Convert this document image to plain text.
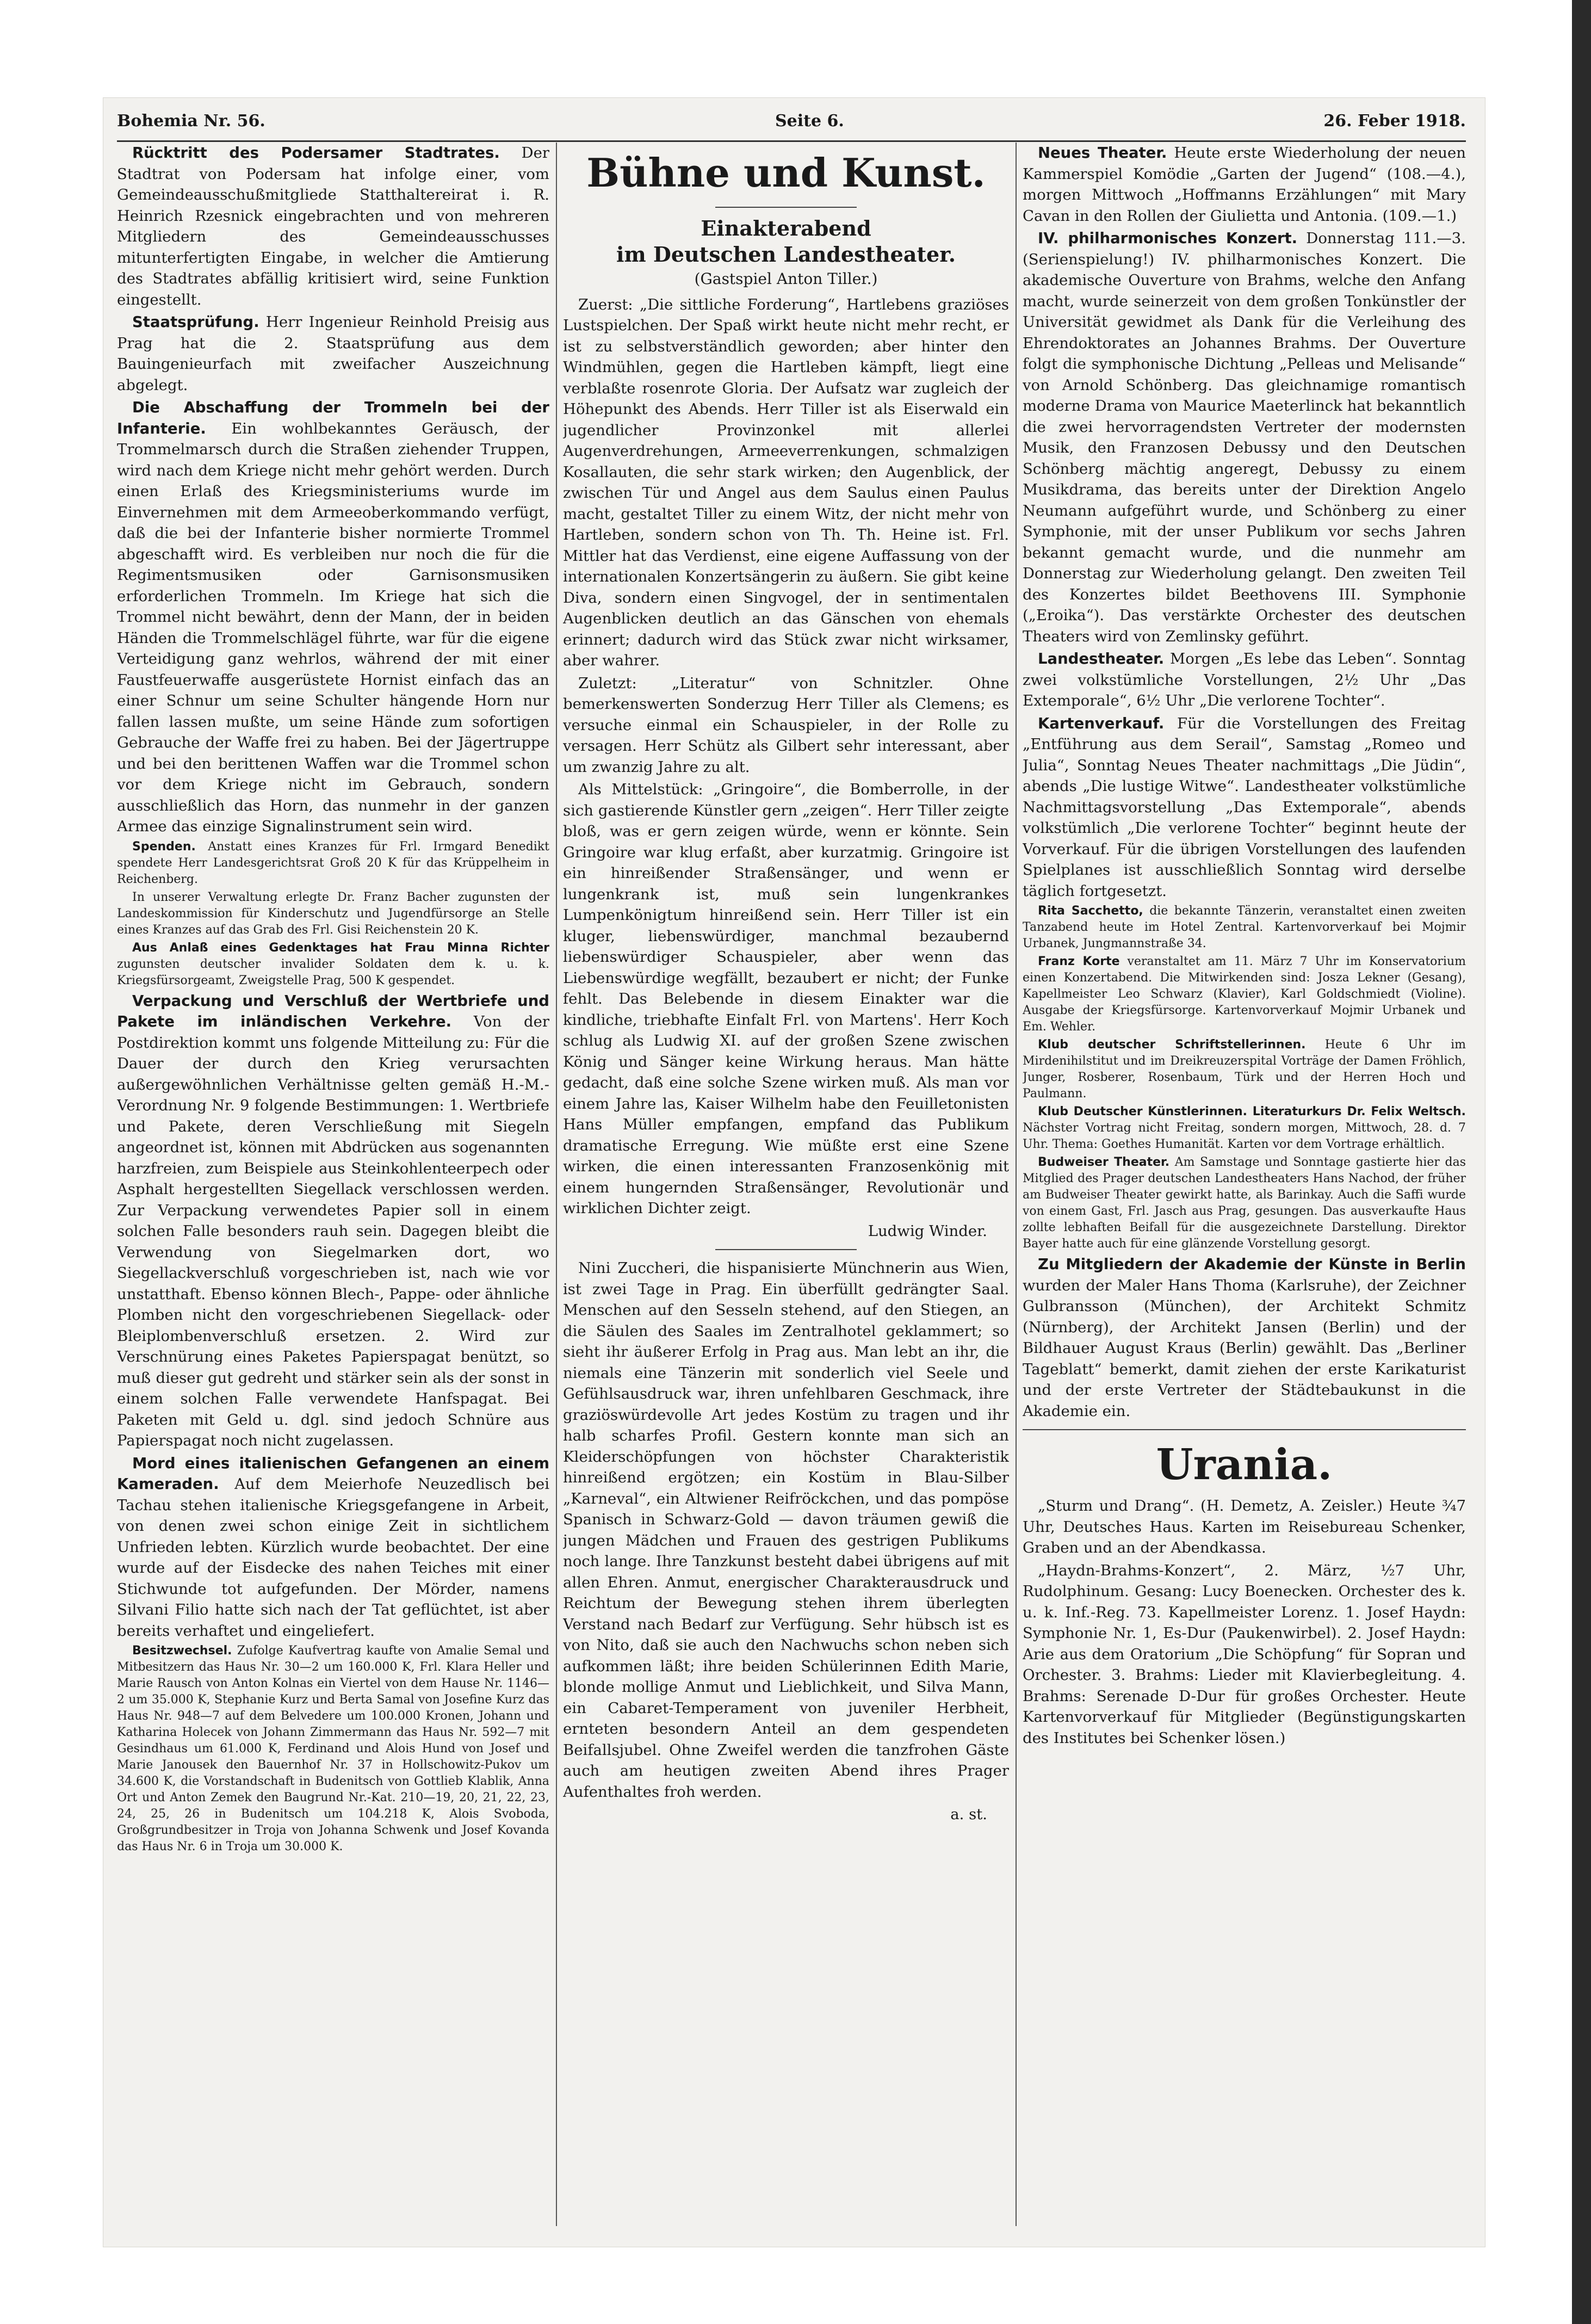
Bohemia Nr. 56.	Seite 6.	26. Feber 1918.

Rücktritt des Podersamer Stadtrates. Der Stadtrat von Podersam hat infolge einer, vom Gemeindeausschußmitgliede Statthaltereirat i. R. Heinrich Rzesnick eingebrachten und von mehreren Mitgliedern des Gemeindeausschusses mitunterfertigten Eingabe, in welcher die Amtierung des Stadtrates abfällig kritisiert wird, seine Funktion eingestellt.

Staatsprüfung. Herr Ingenieur Reinhold Preisig aus Prag hat die 2. Staatsprüfung aus dem Bauingenieurfach mit zweifacher Auszeichnung abgelegt.

Die Abschaffung der Trommeln bei der Infanterie. Ein wohlbekanntes Geräusch, der Trommelmarsch durch die Straßen ziehender Truppen, wird nach dem Kriege nicht mehr gehört werden. Durch einen Erlaß des Kriegsministeriums wurde im Einvernehmen mit dem Armeeoberkommando verfügt, daß die bei der Infanterie bisher normierte Trommel abgeschafft wird. Es verbleiben nur noch die für die Regimentsmusiken oder Garnisonsmusiken erforderlichen Trommeln. Im Kriege hat sich die Trommel nicht bewährt, denn der Mann, der in beiden Händen die Trommelschlägel führte, war für die eigene Verteidigung ganz wehrlos, während der mit einer Faustfeuerwaffe ausgerüstete Hornist einfach das an einer Schnur um seine Schulter hängende Horn nur fallen lassen mußte, um seine Hände zum sofortigen Gebrauche der Waffe frei zu haben. Bei der Jägertruppe und bei den berittenen Waffen war die Trommel schon vor dem Kriege nicht im Gebrauch, sondern ausschließlich das Horn, das nunmehr in der ganzen Armee das einzige Signalinstrument sein wird.

Spenden. Anstatt eines Kranzes für Frl. Irmgard Benedikt spendete Herr Landesgerichtsrat Groß 20 K für das Krüppelheim in Reichenberg.

In unserer Verwaltung erlegte Dr. Franz Bacher zugunsten der Landeskommission für Kinderschutz und Jugendfürsorge an Stelle eines Kranzes auf das Grab des Frl. Gisi Reichenstein 20 K.

Aus Anlaß eines Gedenktages hat Frau Minna Richter zugunsten deutscher invalider Soldaten dem k. u. k. Kriegsfürsorgeamt, Zweigstelle Prag, 500 K gespendet.

Verpackung und Verschluß der Wertbriefe und Pakete im inländischen Verkehre. Von der Postdirektion kommt uns folgende Mitteilung zu: Für die Dauer der durch den Krieg verursachten außergewöhnlichen Verhältnisse gelten gemäß H.-M.-Verordnung Nr. 9 folgende Bestimmungen: 1. Wertbriefe und Pakete, deren Verschließung mit Siegeln angeordnet ist, können mit Abdrücken aus sogenannten harzfreien, zum Beispiele aus Steinkohlenteerpech oder Asphalt hergestellten Siegellack verschlossen werden. Zur Verpackung verwendetes Papier soll in einem solchen Falle besonders rauh sein. Dagegen bleibt die Verwendung von Siegelmarken dort, wo Siegellackverschluß vorgeschrieben ist, nach wie vor unstatthaft. Ebenso können Blech-, Pappe- oder ähnliche Plomben nicht den vorgeschriebenen Siegellack- oder Bleiplombenverschluß ersetzen. 2. Wird zur Verschnürung eines Paketes Papierspagat benützt, so muß dieser gut gedreht und stärker sein als der sonst in einem solchen Falle verwendete Hanfspagat. Bei Paketen mit Geld u. dgl. sind jedoch Schnüre aus Papierspagat noch nicht zugelassen.

Mord eines italienischen Gefangenen an einem Kameraden. Auf dem Meierhofe Neuzedlisch bei Tachau stehen italienische Kriegsgefangene in Arbeit, von denen zwei schon einige Zeit in sichtlichem Unfrieden lebten. Kürzlich wurde beobachtet. Der eine wurde auf der Eisdecke des nahen Teiches mit einer Stichwunde tot aufgefunden. Der Mörder, namens Silvani Filio hatte sich nach der Tat geflüchtet, ist aber bereits verhaftet und eingeliefert.

Besitzwechsel. Zufolge Kaufvertrag kaufte von Amalie Semal und Mitbesitzern das Haus Nr. 30—2 um 160.000 K, Frl. Klara Heller und Marie Rausch von Anton Kolnas ein Viertel von dem Hause Nr. 1146—2 um 35.000 K, Stephanie Kurz und Berta Samal von Josefine Kurz das Haus Nr. 948—7 auf dem Belvedere um 100.000 Kronen, Johann und Katharina Holecek von Johann Zimmermann das Haus Nr. 592—7 mit Gesindhaus um 61.000 K, Ferdinand und Alois Hund von Josef und Marie Janousek den Bauernhof Nr. 37 in Hollschowitz-Pukov um 34.600 K, die Vorstandschaft in Budenitsch von Gottlieb Klablik, Anna Ort und Anton Zemek den Baugrund Nr.-Kat. 210—19, 20, 21, 22, 23, 24, 25, 26 in Budenitsch um 104.218 K, Alois Svoboda, Großgrundbesitzer in Troja von Johanna Schwenk und Josef Kovanda das Haus Nr. 6 in Troja um 30.000 K.

Bühne und Kunst.
Einakterabend
im Deutschen Landestheater.
(Gastspiel Anton Tiller.)

Zuerst: „Die sittliche Forderung“, Hartlebens graziöses Lustspielchen. Der Spaß wirkt heute nicht mehr recht, er ist zu selbstverständlich geworden; aber hinter den Windmühlen, gegen die Hartleben kämpft, liegt eine verblaßte rosenrote Gloria. Der Aufsatz war zugleich der Höhepunkt des Abends. Herr Tiller ist als Eiserwald ein jugendlicher Provinzonkel mit allerlei Augenverdrehungen, Armeeverrenkungen, schmalzigen Kosallauten, die sehr stark wirken; den Augenblick, der zwischen Tür und Angel aus dem Saulus einen Paulus macht, gestaltet Tiller zu einem Witz, der nicht mehr von Hartleben, sondern schon von Th. Th. Heine ist. Frl. Mittler hat das Verdienst, eine eigene Auffassung von der internationalen Konzertsängerin zu äußern. Sie gibt keine Diva, sondern einen Singvogel, der in sentimentalen Augenblicken deutlich an das Gänschen von ehemals erinnert; dadurch wird das Stück zwar nicht wirksamer, aber wahrer.

Zuletzt: „Literatur“ von Schnitzler. Ohne bemerkenswerten Sonderzug Herr Tiller als Clemens; es versuche einmal ein Schauspieler, in der Rolle zu versagen. Herr Schütz als Gilbert sehr interessant, aber um zwanzig Jahre zu alt.

Als Mittelstück: „Gringoire“, die Bomberrolle, in der sich gastierende Künstler gern „zeigen“. Herr Tiller zeigte bloß, was er gern zeigen würde, wenn er könnte. Sein Gringoire war klug erfaßt, aber kurzatmig. Gringoire ist ein hinreißender Straßensänger, und wenn er lungenkrank ist, muß sein lungenkrankes Lumpenkönigtum hinreißend sein. Herr Tiller ist ein kluger, liebenswürdiger, manchmal bezaubernd liebenswürdiger Schauspieler, aber wenn das Liebenswürdige wegfällt, bezaubert er nicht; der Funke fehlt. Das Belebende in diesem Einakter war die kindliche, triebhafte Einfalt Frl. von Martens'. Herr Koch schlug als Ludwig XI. auf der großen Szene zwischen König und Sänger keine Wirkung heraus. Man hätte gedacht, daß eine solche Szene wirken muß. Als man vor einem Jahre las, Kaiser Wilhelm habe den Feuilletonisten Hans Müller empfangen, empfand das Publikum dramatische Erregung. Wie müßte erst eine Szene wirken, die einen interessanten Franzosenkönig mit einem hungernden Straßensänger, Revolutionär und wirklichen Dichter zeigt.

Ludwig Winder.

Nini Zuccheri, die hispanisierte Münchnerin aus Wien, ist zwei Tage in Prag. Ein überfüllt gedrängter Saal. Menschen auf den Sesseln stehend, auf den Stiegen, an die Säulen des Saales im Zentralhotel geklammert; so sieht ihr äußerer Erfolg in Prag aus. Man lebt an ihr, die niemals eine Tänzerin mit sonderlich viel Seele und Gefühlsausdruck war, ihren unfehlbaren Geschmack, ihre graziöswürdevolle Art jedes Kostüm zu tragen und ihr halb scharfes Profil. Gestern konnte man sich an Kleiderschöpfungen von höchster Charakteristik hinreißend ergötzen; ein Kostüm in Blau-Silber „Karneval“, ein Altwiener Reifröckchen, und das pompöse Spanisch in Schwarz-Gold — davon träumen gewiß die jungen Mädchen und Frauen des gestrigen Publikums noch lange. Ihre Tanzkunst besteht dabei übrigens auf mit allen Ehren. Anmut, energischer Charakterausdruck und Reichtum der Bewegung stehen ihrem überlegten Verstand nach Bedarf zur Verfügung. Sehr hübsch ist es von Nito, daß sie auch den Nachwuchs schon neben sich aufkommen läßt; ihre beiden Schülerinnen Edith Marie, blonde mollige Anmut und Lieblichkeit, und Silva Mann, ein Cabaret-Temperament von juveniler Herbheit, ernteten besondern Anteil an dem gespendeten Beifallsjubel. Ohne Zweifel werden die tanzfrohen Gäste auch am heutigen zweiten Abend ihres Prager Aufenthaltes froh werden.

a. st.

Neues Theater. Heute erste Wiederholung der neuen Kammerspiel Komödie „Garten der Jugend“ (108.—4.), morgen Mittwoch „Hoffmanns Erzählungen“ mit Mary Cavan in den Rollen der Giulietta und Antonia. (109.—1.)

IV. philharmonisches Konzert. Donnerstag 111.—3. (Serienspielung!) IV. philharmonisches Konzert. Die akademische Ouverture von Brahms, welche den Anfang macht, wurde seinerzeit von dem großen Tonkünstler der Universität gewidmet als Dank für die Verleihung des Ehrendoktorates an Johannes Brahms. Der Ouverture folgt die symphonische Dichtung „Pelleas und Melisande“ von Arnold Schönberg. Das gleichnamige romantisch moderne Drama von Maurice Maeterlinck hat bekanntlich die zwei hervorragendsten Vertreter der modernsten Musik, den Franzosen Debussy und den Deutschen Schönberg mächtig angeregt, Debussy zu einem Musikdrama, das bereits unter der Direktion Angelo Neumann aufgeführt wurde, und Schönberg zu einer Symphonie, mit der unser Publikum vor sechs Jahren bekannt gemacht wurde, und die nunmehr am Donnerstag zur Wiederholung gelangt. Den zweiten Teil des Konzertes bildet Beethovens III. Symphonie („Eroika“). Das verstärkte Orchester des deutschen Theaters wird von Zemlinsky geführt.

Landestheater. Morgen „Es lebe das Leben“. Sonntag zwei volkstümliche Vorstellungen, 2½ Uhr „Das Extemporale“, 6½ Uhr „Die verlorene Tochter“.

Kartenverkauf. Für die Vorstellungen des Freitag „Entführung aus dem Serail“, Samstag „Romeo und Julia“, Sonntag Neues Theater nachmittags „Die Jüdin“, abends „Die lustige Witwe“. Landestheater volkstümliche Nachmittagsvorstellung „Das Extemporale“, abends volkstümlich „Die verlorene Tochter“ beginnt heute der Vorverkauf. Für die übrigen Vorstellungen des laufenden Spielplanes ist ausschließlich Sonntag wird derselbe täglich fortgesetzt.

Rita Sacchetto, die bekannte Tänzerin, veranstaltet einen zweiten Tanzabend heute im Hotel Zentral. Kartenvorverkauf bei Mojmir Urbanek, Jungmannstraße 34.

Franz Korte veranstaltet am 11. März 7 Uhr im Konservatorium einen Konzertabend. Die Mitwirkenden sind: Josza Lekner (Gesang), Kapellmeister Leo Schwarz (Klavier), Karl Goldschmiedt (Violine). Ausgabe der Kriegsfürsorge. Kartenvorverkauf Mojmir Urbanek und Em. Wehler.

Klub deutscher Schriftstellerinnen. Heute 6 Uhr im Mirdenihilstitut und im Dreikreuzerspital Vorträge der Damen Fröhlich, Junger, Rosberer, Rosenbaum, Türk und der Herren Hoch und Paulmann.

Klub Deutscher Künstlerinnen. Literaturkurs Dr. Felix Weltsch. Nächster Vortrag nicht Freitag, sondern morgen, Mittwoch, 28. d. 7 Uhr. Thema: Goethes Humanität. Karten vor dem Vortrage erhältlich.

Budweiser Theater. Am Samstage und Sonntage gastierte hier das Mitglied des Prager deutschen Landestheaters Hans Nachod, der früher am Budweiser Theater gewirkt hatte, als Barinkay. Auch die Saffi wurde von einem Gast, Frl. Jasch aus Prag, gesungen. Das ausverkaufte Haus zollte lebhaften Beifall für die ausgezeichnete Darstellung. Direktor Bayer hatte auch für eine glänzende Vorstellung gesorgt.

Zu Mitgliedern der Akademie der Künste in Berlin wurden der Maler Hans Thoma (Karlsruhe), der Zeichner Gulbransson (München), der Architekt Schmitz (Nürnberg), der Architekt Jansen (Berlin) und der Bildhauer August Kraus (Berlin) gewählt. Das „Berliner Tageblatt“ bemerkt, damit ziehen der erste Karikaturist und der erste Vertreter der Städtebaukunst in die Akademie ein.

Urania.

„Sturm und Drang“. (H. Demetz, A. Zeisler.) Heute ¾7 Uhr, Deutsches Haus. Karten im Reisebureau Schenker, Graben und an der Abendkassa.

„Haydn-Brahms-Konzert“, 2. März, ½7 Uhr, Rudolphinum. Gesang: Lucy Boenecken. Orchester des k. u. k. Inf.-Reg. 73. Kapellmeister Lorenz. 1. Josef Haydn: Symphonie Nr. 1, Es-Dur (Paukenwirbel). 2. Josef Haydn: Arie aus dem Oratorium „Die Schöpfung“ für Sopran und Orchester. 3. Brahms: Lieder mit Klavierbegleitung. 4. Brahms: Serenade D-Dur für großes Orchester. Heute Kartenvorverkauf für Mitglieder (Begünstigungskarten des Institutes bei Schenker lösen.)
